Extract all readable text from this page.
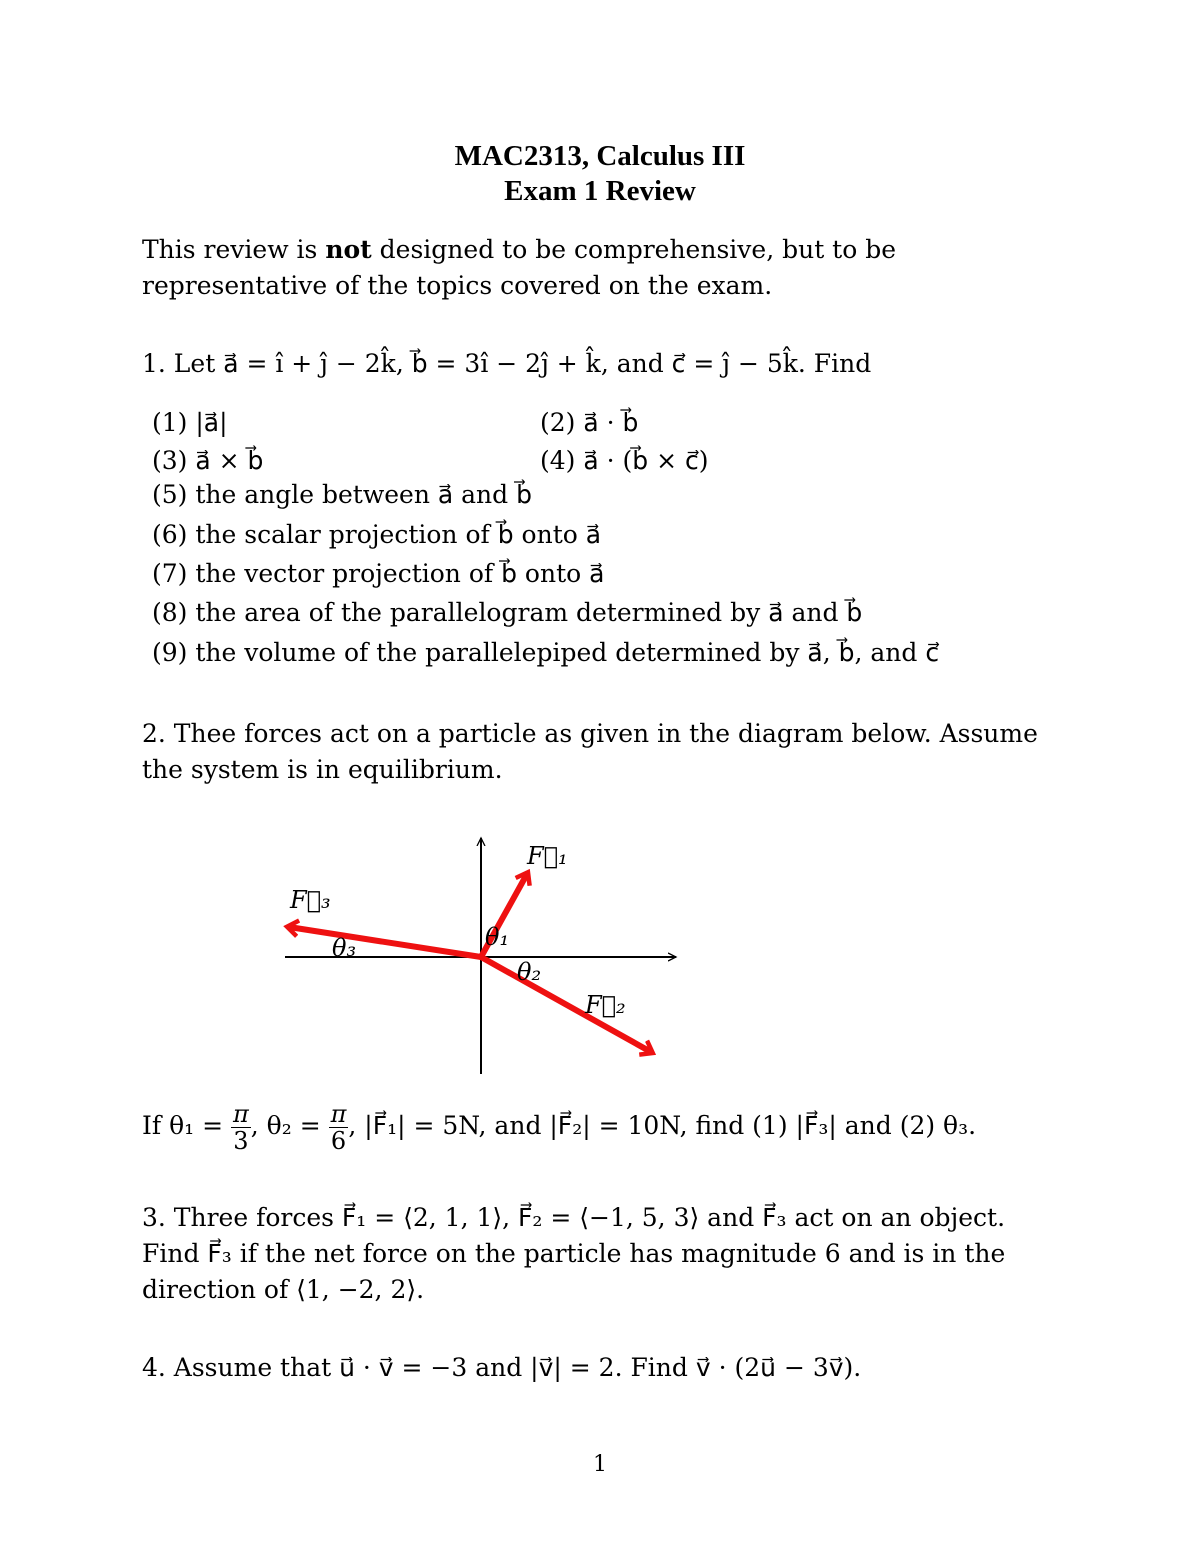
MAC2313, Calculus III
Exam 1 Review
This review is not designed to be comprehensive, but to be representative of the topics covered on the exam.
1. Let a⃗ = î + ĵ − 2k̂, b⃗ = 3î − 2ĵ + k̂, and c⃗ = ĵ − 5k̂. Find
(1) |a⃗|	(2) a⃗ · b⃗
(3) a⃗ × b⃗	(4) a⃗ · (b⃗ × c⃗)
(5) the angle between a⃗ and b⃗
(6) the scalar projection of b⃗ onto a⃗
(7) the vector projection of b⃗ onto a⃗
(8) the area of the parallelogram determined by a⃗ and b⃗
(9) the volume of the parallelepiped determined by a⃗, b⃗, and c⃗
2. Thee forces act on a particle as given in the diagram below. Assume the system is in equilibrium.
F⃗₁
F⃗₃
F⃗₂
θ₁
θ₂
θ₃
If $\theta_1 = \frac{\pi}{3}$ , $\theta_2 = \frac{\pi}{6}$ , |F⃗₁| = 5N, and |F⃗₂| = 10N, find (1) |F⃗₃| and (2) θ₃.
3. Three forces F⃗₁ = ⟨2, 1, 1⟩, F⃗₂ = ⟨−1, 5, 3⟩ and F⃗₃ act on an object. Find F⃗₃ if the net force on the particle has magnitude 6 and is in the direction of ⟨1, −2, 2⟩.
4. Assume that u⃗ · v⃗ = −3 and |v⃗| = 2. Find v⃗ · (2u⃗ − 3v⃗).
1
